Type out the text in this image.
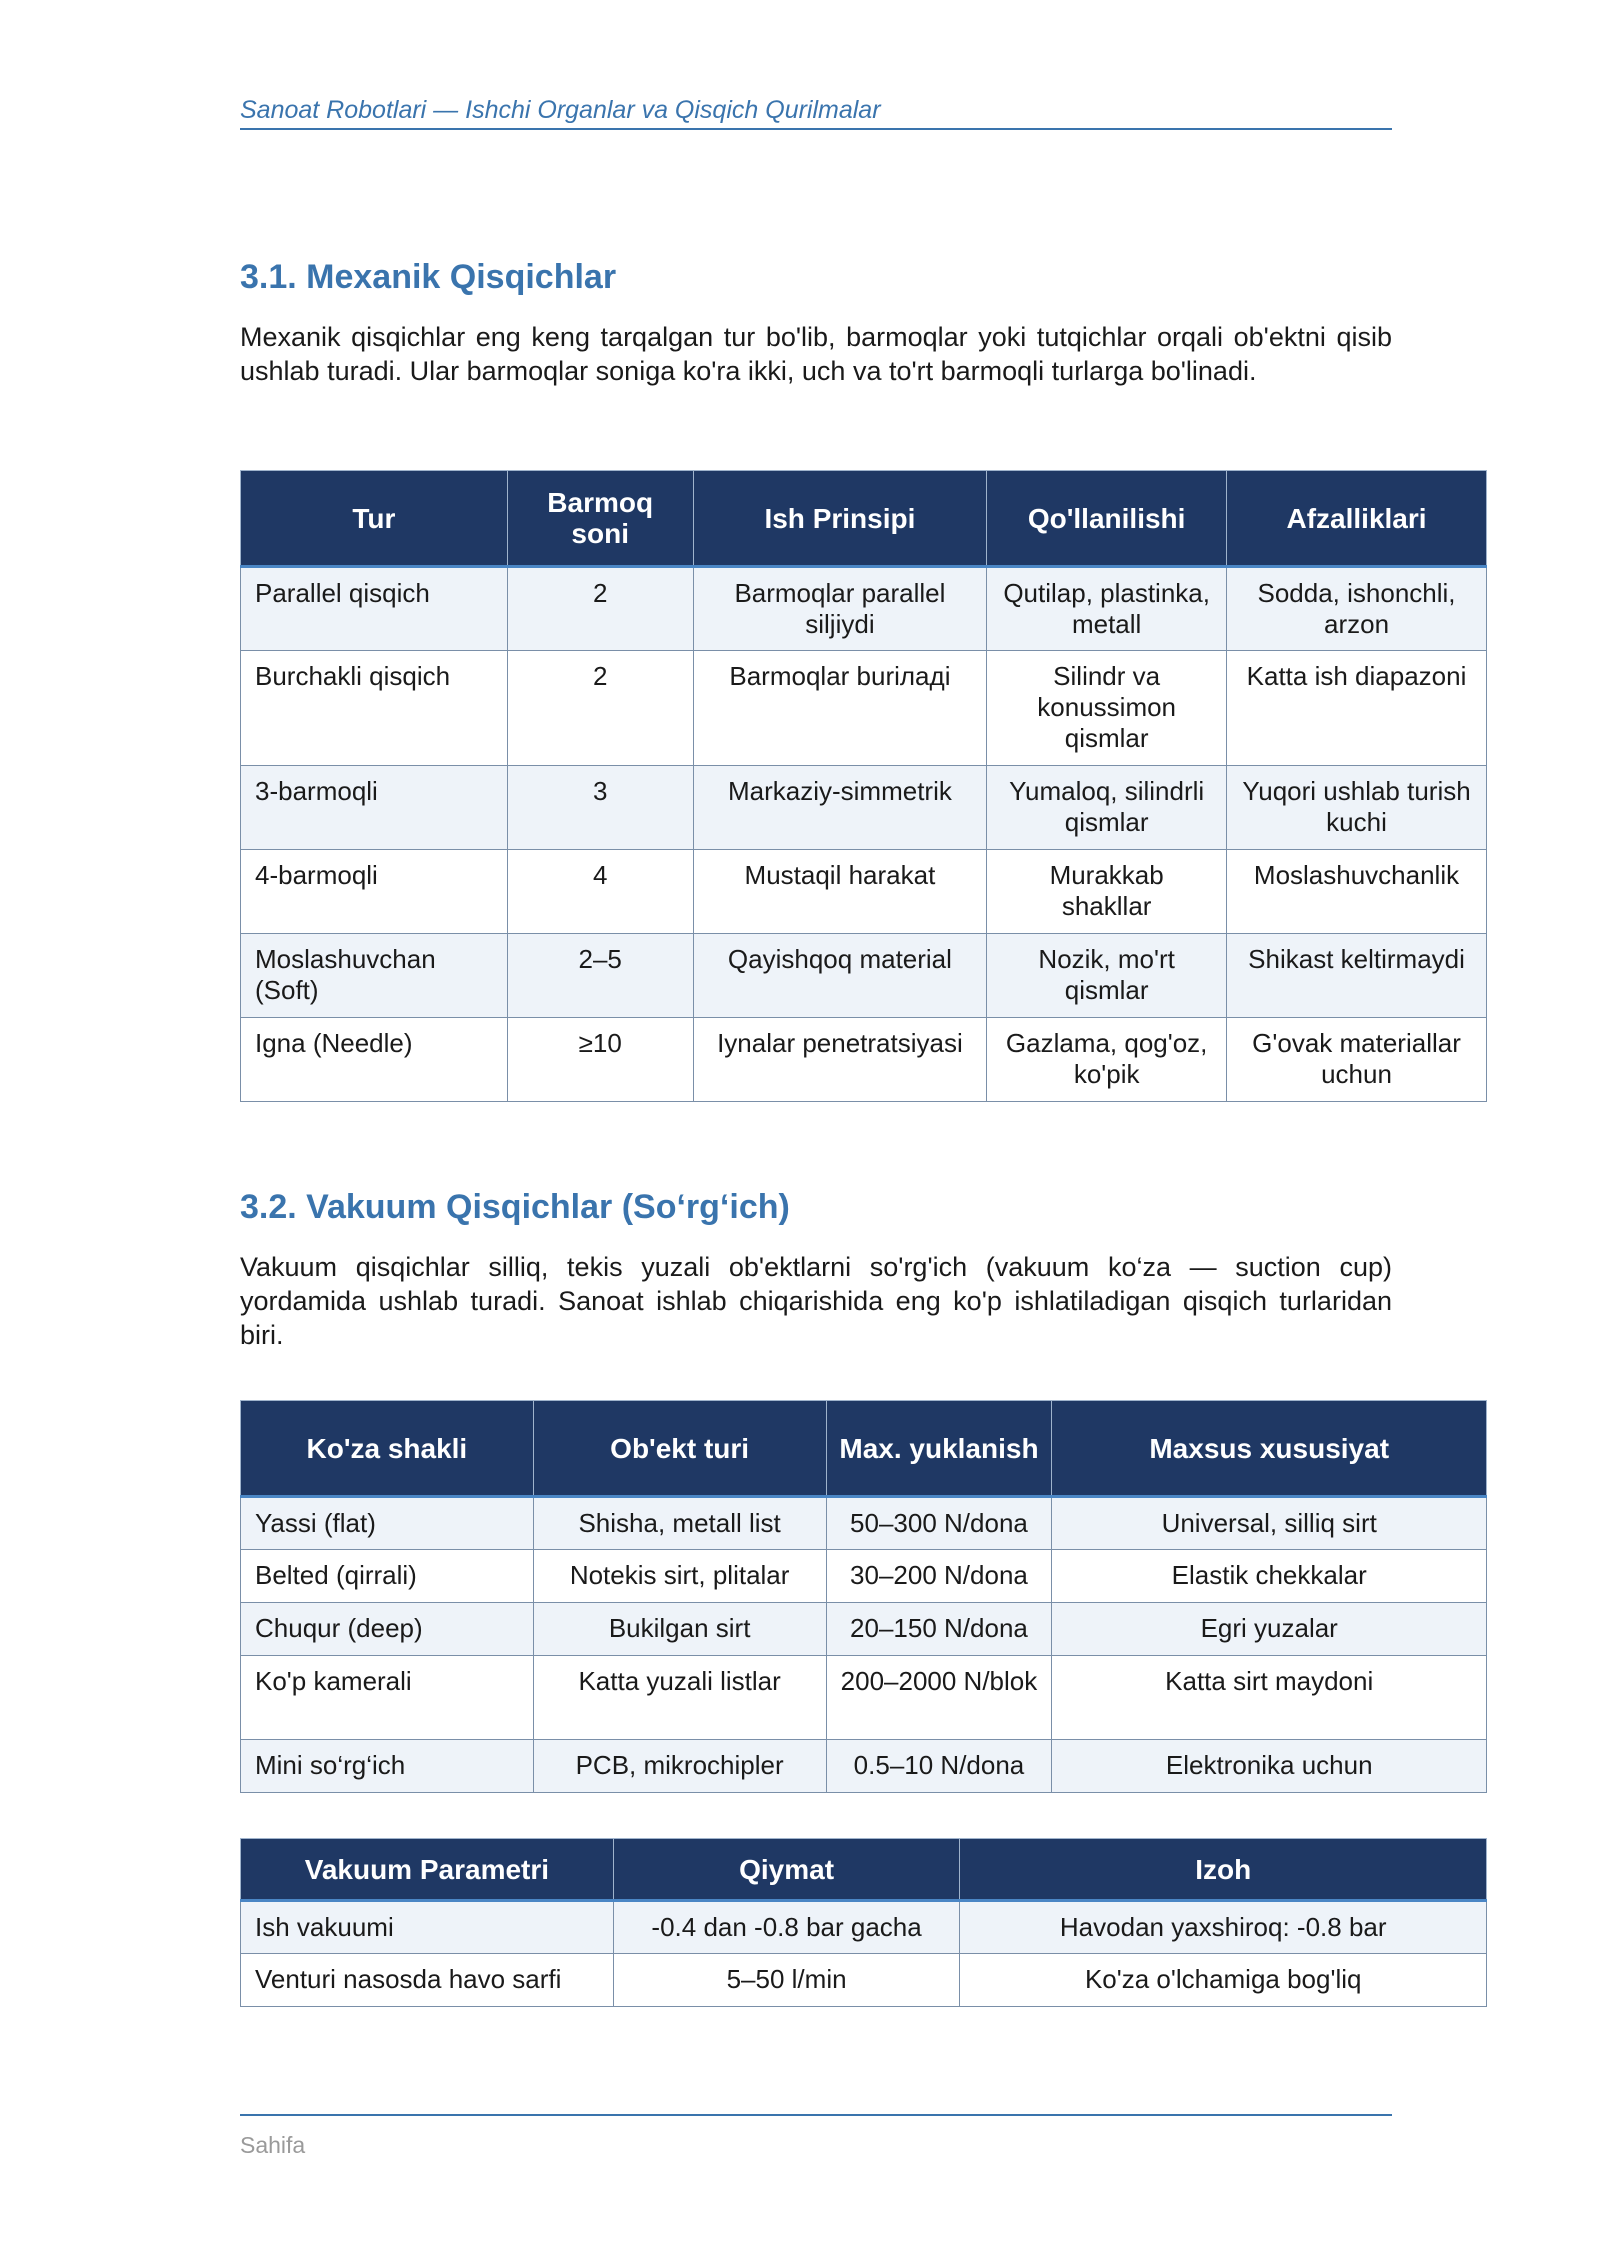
Sanoat Robotlari — Ishchi Organlar va Qisqich Qurilmalar
3.1. Mexanik Qisqichlar

Mexanik qisqichlar eng keng tarqalgan tur bo'lib, barmoqlar yoki tutqichlar orqali ob'ektni qisib ushlab turadi. Ular barmoqlar soniga ko'ra ikki, uch va to'rt barmoqli turlarga bo'linadi.

Tur	Barmoq soni	Ish Prinsipi	Qo'llanilishi	Afzalliklari
Parallel qisqich	2	Barmoqlar parallel siljiydi	Qutilap, plastinka, metall	Sodda, ishonchli, arzon
Burchakli qisqich	2	Barmoqlar buriладi	Silindr va konussimon qismlar	Katta ish diapazoni
3-barmoqli	3	Markaziy-simmetrik	Yumaloq, silindrli qismlar	Yuqori ushlab turish kuchi
4-barmoqli	4	Mustaqil harakat	Murakkab shakllar	Moslashuvchanlik
Moslashuvchan (Soft)	2–5	Qayishqoq material	Nozik, mo'rt qismlar	Shikast keltirmaydi
Igna (Needle)	≥10	Iynalar penetratsiyasi	Gazlama, qog'oz, ko'pik	G'ovak materiallar uchun
3.2. Vakuum Qisqichlar (So‘rg‘ich)

Vakuum qisqichlar silliq, tekis yuzali ob'ektlarni so'rg'ich (vakuum ko‘za — suction cup) yordamida ushlab turadi. Sanoat ishlab chiqarishida eng ko'p ishlatiladigan qisqich turlaridan biri.

Ko'za shakli	Ob'ekt turi	Max. yuklanish	Maxsus xususiyat
Yassi (flat)	Shisha, metall list	50–300 N/dona	Universal, silliq sirt
Belted (qirrali)	Notekis sirt, plitalar	30–200 N/dona	Elastik chekkalar
Chuqur (deep)	Bukilgan sirt	20–150 N/dona	Egri yuzalar
Ko'p kamerali	Katta yuzali listlar	200–2000 N/blok	Katta sirt maydoni
Mini so‘rg‘ich	PCB, mikrochipler	0.5–10 N/dona	Elektronika uchun
Vakuum Parametri	Qiymat	Izoh
Ish vakuumi	-0.4 dan -0.8 bar gacha	Havodan yaxshiroq: -0.8 bar
Venturi nasosda havo sarfi	5–50 l/min	Ko'za o'lchamiga bog'liq
Sahifa
